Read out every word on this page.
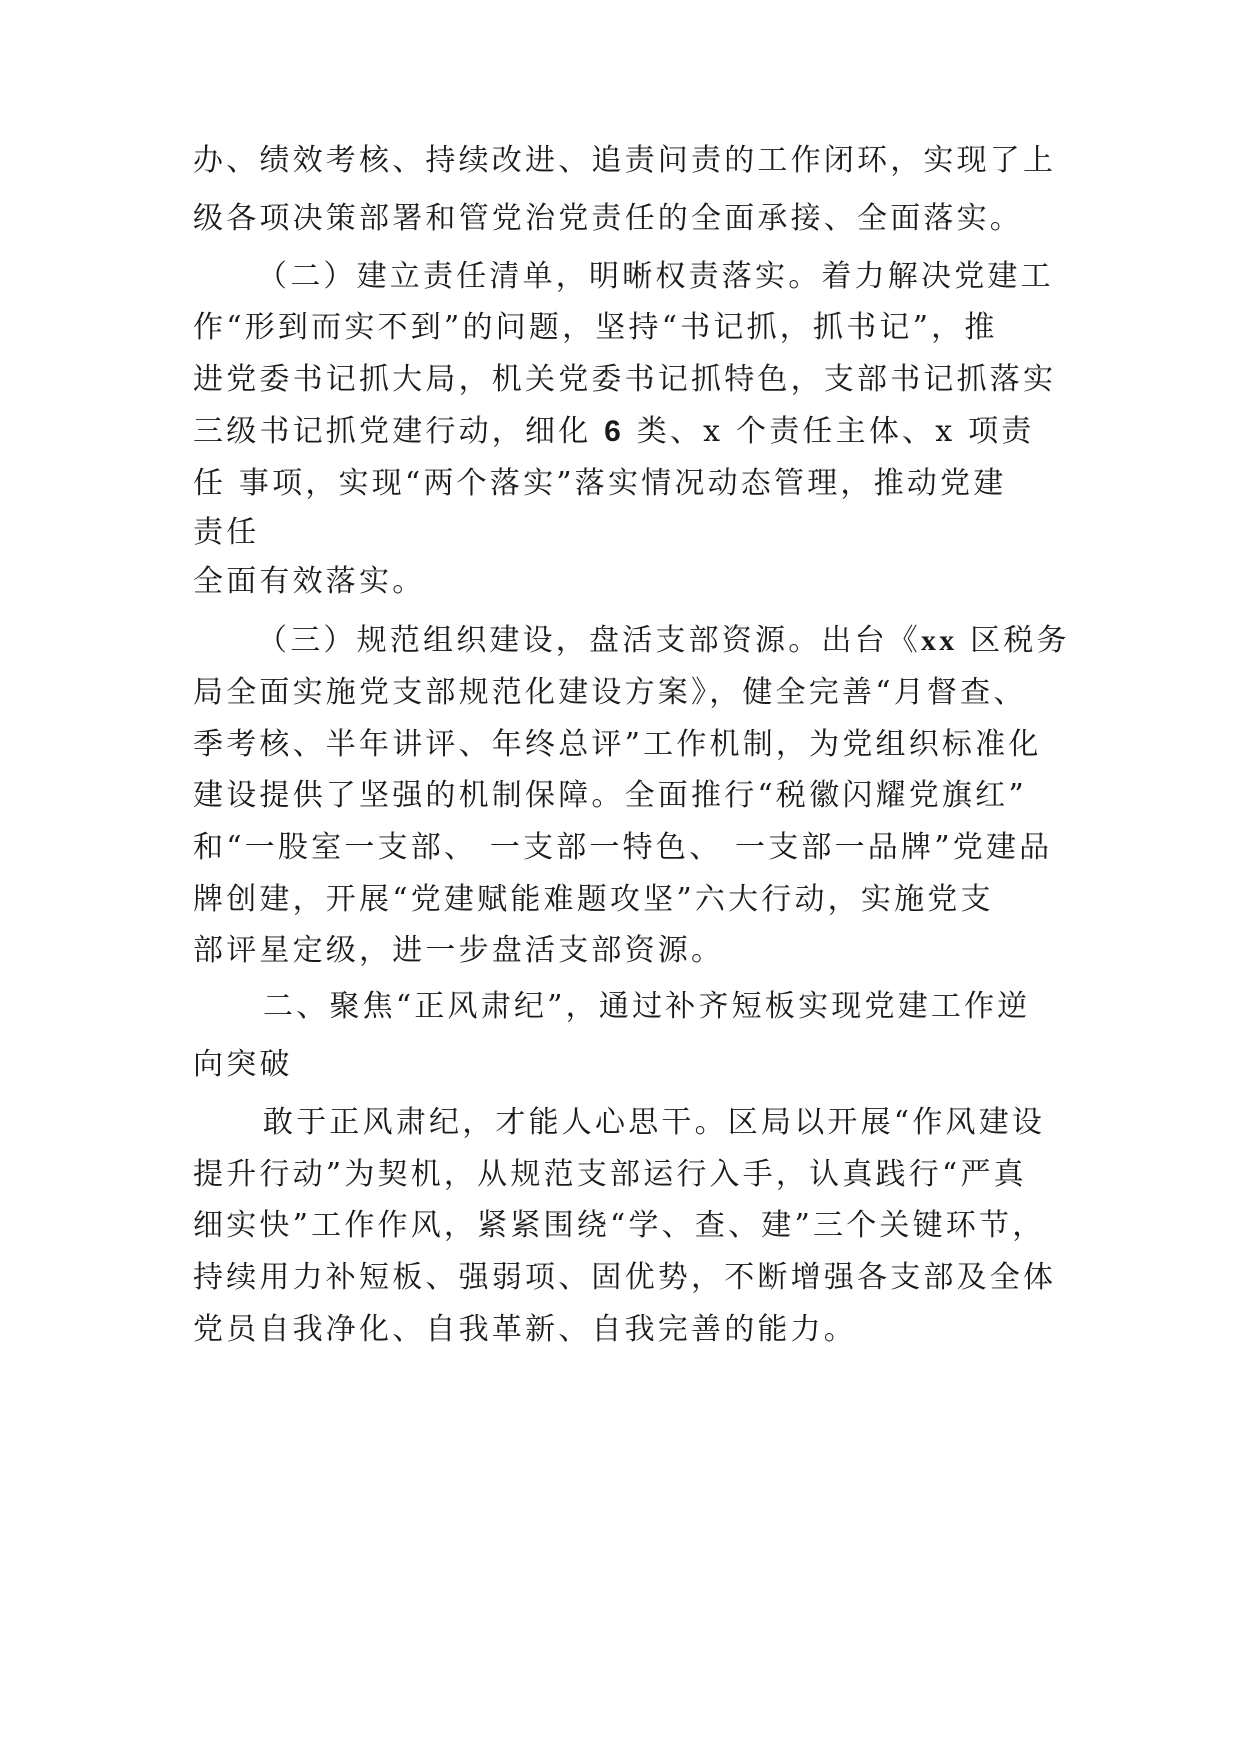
办、绩效考核、持续改进、追责问责的工作闭环，实现了上
级各项决策部署和管党治党责任的全面承接、全面落实。
（二）建立责任清单，明晰权责落实。着力解决党建工
作“形到而实不到”的问题，坚持“书记抓，抓书记”，推
进党委书记抓大局，机关党委书记抓特色，支部书记抓落实
三级书记抓党建行动，细化 6 类、x 个责任主体、x 项责
任 事项，实现“两个落实”落实情况动态管理，推动党建
责任
全面有效落实。
（三）规范组织建设，盘活支部资源。出台《xx 区税务
局全面实施党支部规范化建设方案》，健全完善“月督查、
季考核、半年讲评、年终总评”工作机制，为党组织标准化
建设提供了坚强的机制保障。全面推行“税徽闪耀党旗红”
和“一股室一支部、 一支部一特色、 一支部一品牌”党建品
牌创建，开展“党建赋能难题攻坚”六大行动，实施党支
部评星定级，进一步盘活支部资源。
二、聚焦“正风肃纪”，通过补齐短板实现党建工作逆
向突破
敢于正风肃纪，才能人心思干。区局以开展“作风建设
提升行动”为契机，从规范支部运行入手，认真践行“严真
细实快”工作作风，紧紧围绕“学、查、建”三个关键环节，
持续用力补短板、强弱项、固优势，不断增强各支部及全体
党员自我净化、自我革新、自我完善的能力。
